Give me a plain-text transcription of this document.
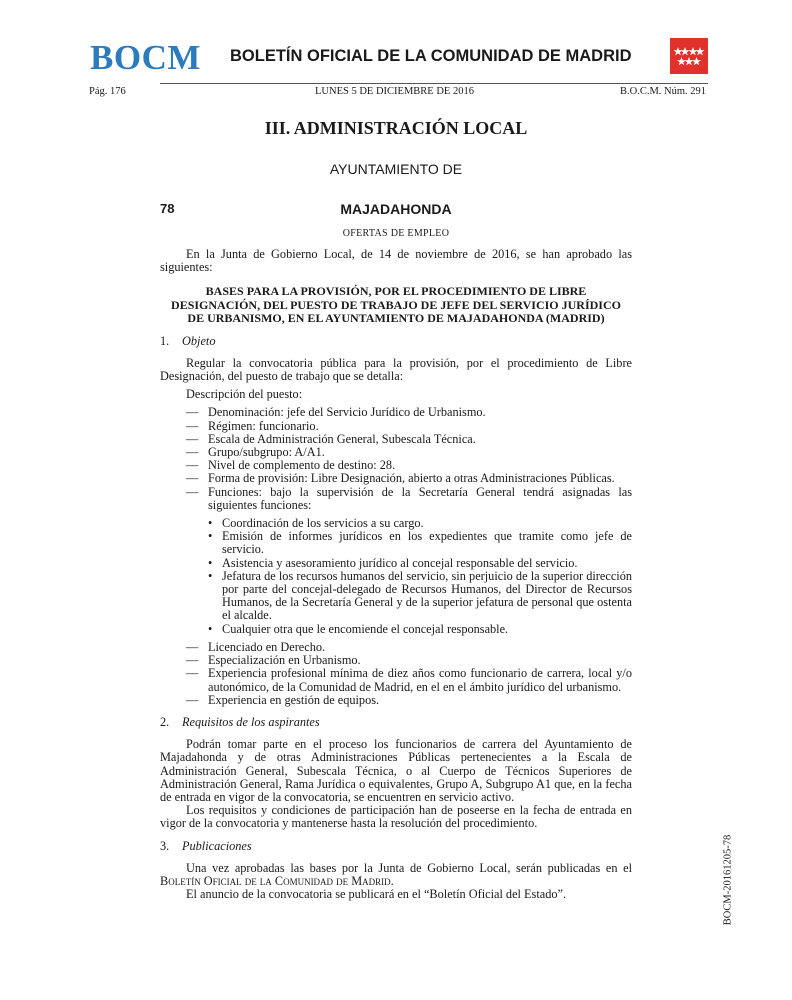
BOCM BOLETÍN OFICIAL DE LA COMUNIDAD DE MADRID
Pág. 176	LUNES 5 DE DICIEMBRE DE 2016	B.O.C.M. Núm. 291
III. ADMINISTRACIÓN LOCAL
AYUNTAMIENTO DE
78	MAJADAHONDA
OFERTAS DE EMPLEO

En la Junta de Gobierno Local, de 14 de noviembre de 2016, se han aprobado las siguientes:

BASES PARA LA PROVISIÓN, POR EL PROCEDIMIENTO DE LIBRE DESIGNACIÓN, DEL PUESTO DE TRABAJO DE JEFE DEL SERVICIO JURÍDICO DE URBANISMO, EN EL AYUNTAMIENTO DE MAJADAHONDA (MADRID)

1.	Objeto

Regular la convocatoria pública para la provisión, por el procedimiento de Libre Designación, del puesto de trabajo que se detalla:

Descripción del puesto:

— Denominación: jefe del Servicio Jurídico de Urbanismo.
— Régimen: funcionario.
— Escala de Administración General, Subescala Técnica.
— Grupo/subgrupo: A/A1.
— Nivel de complemento de destino: 28.
— Forma de provisión: Libre Designación, abierto a otras Administraciones Públicas.
— Funciones: bajo la supervisión de la Secretaría General tendrá asignadas las siguientes funciones:
• Coordinación de los servicios a su cargo.
• Emisión de informes jurídicos en los expedientes que tramite como jefe de servicio.
• Asistencia y asesoramiento jurídico al concejal responsable del servicio.
• Jefatura de los recursos humanos del servicio, sin perjuicio de la superior dirección por parte del concejal-delegado de Recursos Humanos, del Director de Recursos Humanos, de la Secretaría General y de la superior jefatura de personal que ostenta el alcalde.
• Cualquier otra que le encomiende el concejal responsable.
— Licenciado en Derecho.
— Especialización en Urbanismo.
— Experiencia profesional mínima de diez años como funcionario de carrera, local y/o autonómico, de la Comunidad de Madrid, en el en el ámbito jurídico del urbanismo.
— Experiencia en gestión de equipos.
2.	Requisitos de los aspirantes

Podrán tomar parte en el proceso los funcionarios de carrera del Ayuntamiento de Majadahonda y de otras Administraciones Públicas pertenecientes a la Escala de Administración General, Subescala Técnica, o al Cuerpo de Técnicos Superiores de Administración General, Rama Jurídica o equivalentes, Grupo A, Subgrupo A1 que, en la fecha de entrada en vigor de la convocatoria, se encuentren en servicio activo.

Los requisitos y condiciones de participación han de poseerse en la fecha de entrada en vigor de la convocatoria y mantenerse hasta la resolución del procedimiento.

3.	Publicaciones

Una vez aprobadas las bases por la Junta de Gobierno Local, serán publicadas en el Boletín Oficial de la Comunidad de Madrid.

El anuncio de la convocatoria se publicará en el “Boletín Oficial del Estado”.	BOCM-20161205-78
